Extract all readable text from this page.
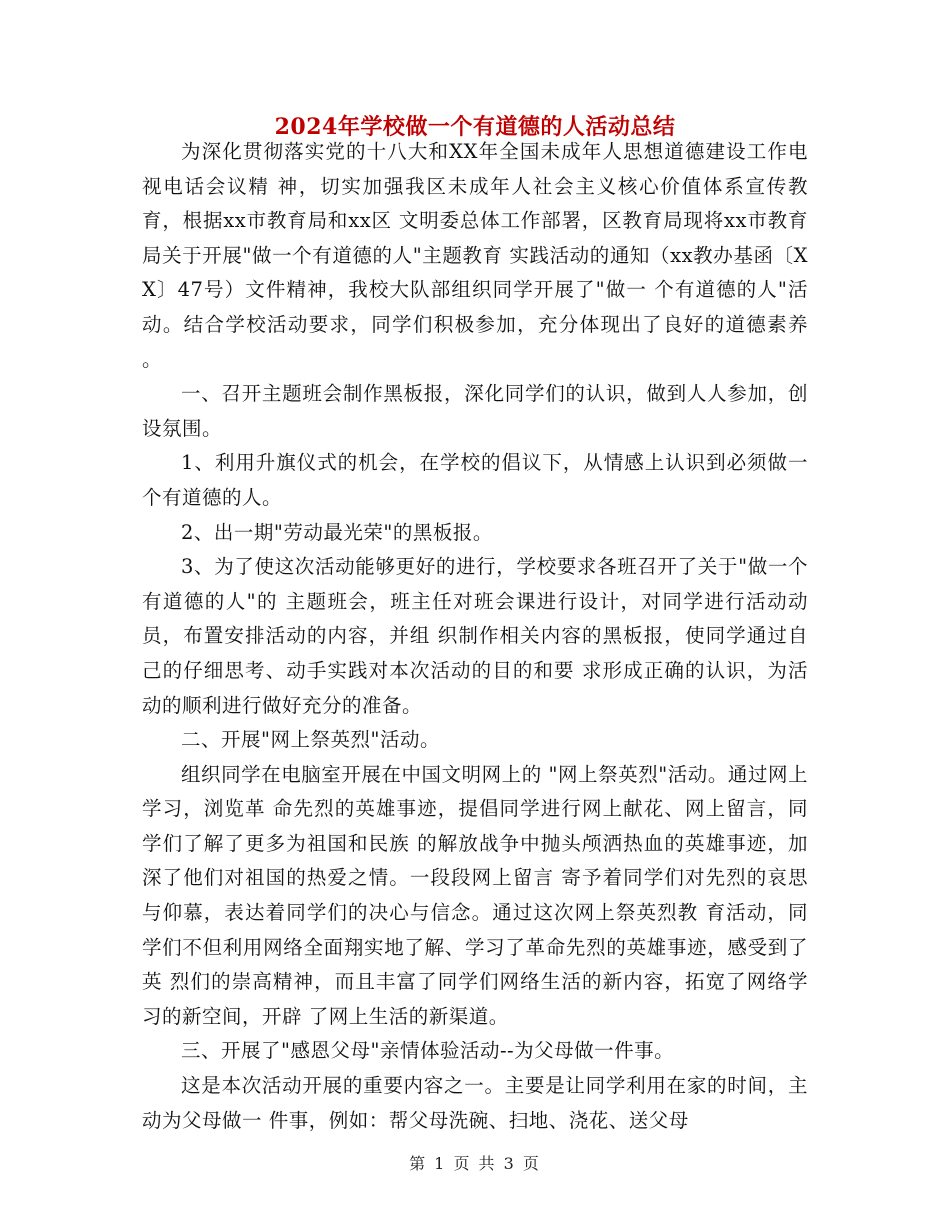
2024年学校做一个有道德的人活动总结

为深化贯彻落实党的十八大和XX年全国未成年人思想道德建设工作电视电话会议精 神，切实加强我区未成年人社会主义核心价值体系宣传教育，根据xx市教育局和xx区 文明委总体工作部署，区教育局现将xx市教育局关于开展"做一个有道德的人"主题教育 实践活动的通知（xx教办基函〔XX〕47号）文件精神，我校大队部组织同学开展了"做一 个有道德的人"活动。结合学校活动要求，同学们积极参加，充分体现出了良好的道德素养 。

一、召开主题班会制作黑板报，深化同学们的认识，做到人人参加，创设氛围。

1、利用升旗仪式的机会，在学校的倡议下，从情感上认识到必须做一个有道德的人。

2、出一期"劳动最光荣"的黑板报。

3、为了使这次活动能够更好的进行，学校要求各班召开了关于"做一个有道德的人"的 主题班会，班主任对班会课进行设计，对同学进行活动动员，布置安排活动的内容，并组 织制作相关内容的黑板报，使同学通过自己的仔细思考、动手实践对本次活动的目的和要 求形成正确的认识，为活动的顺利进行做好充分的准备。

二、开展"网上祭英烈"活动。

组织同学在电脑室开展在中国文明网上的 "网上祭英烈"活动。通过网上学习，浏览革 命先烈的英雄事迹，提倡同学进行网上献花、网上留言，同学们了解了更多为祖国和民族 的解放战争中抛头颅洒热血的英雄事迹，加深了他们对祖国的热爱之情。一段段网上留言 寄予着同学们对先烈的哀思与仰慕，表达着同学们的决心与信念。通过这次网上祭英烈教 育活动，同学们不但利用网络全面翔实地了解、学习了革命先烈的英雄事迹，感受到了英 烈们的崇高精神，而且丰富了同学们网络生活的新内容，拓宽了网络学习的新空间，开辟 了网上生活的新渠道。

三、开展了"感恩父母"亲情体验活动--为父母做一件事。

这是本次活动开展的重要内容之一。主要是让同学利用在家的时间，主动为父母做一 件事，例如：帮父母洗碗、扫地、浇花、送父母

第 1 页 共 3 页
